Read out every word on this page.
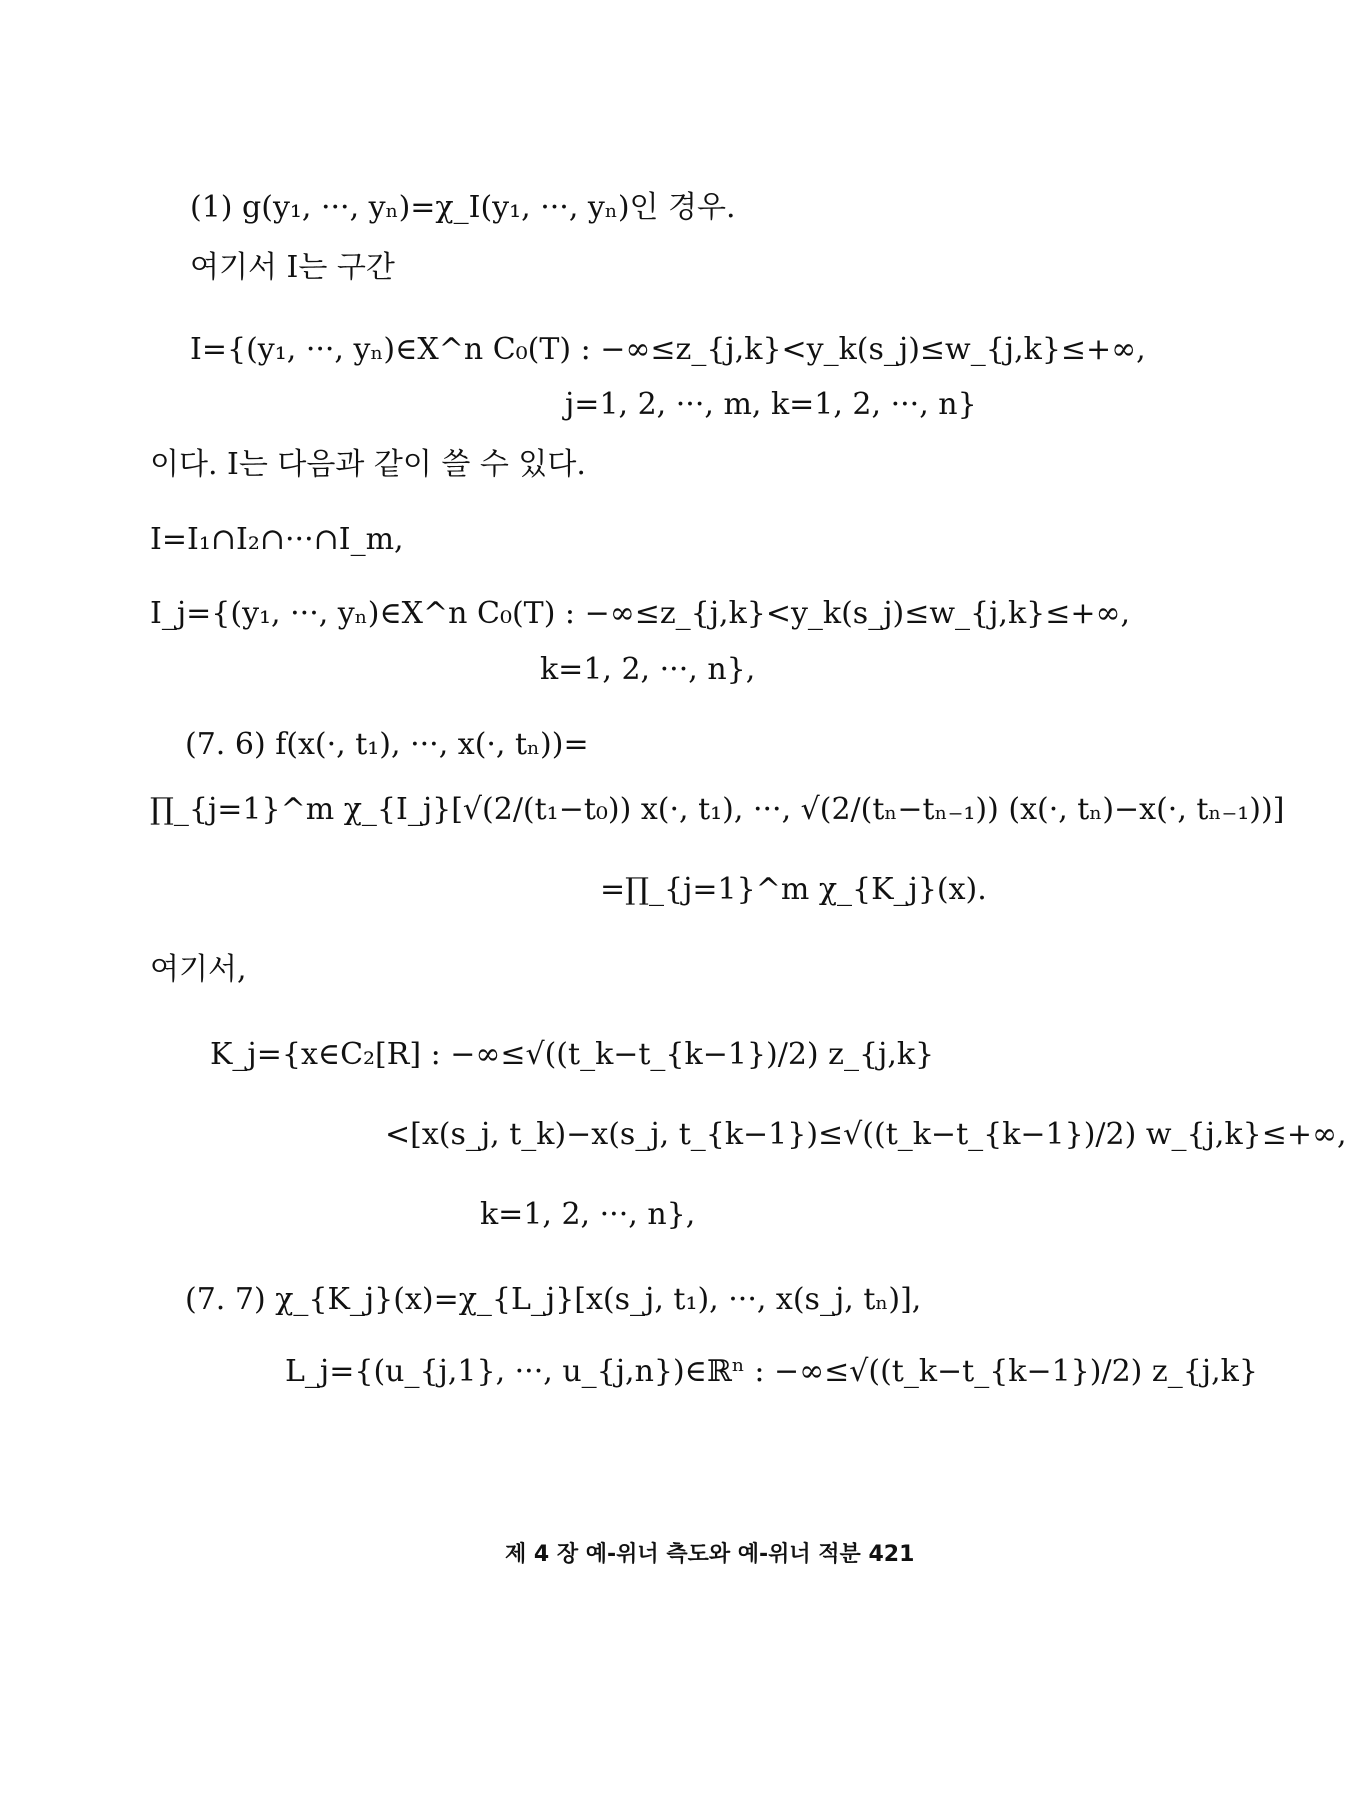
(1) g(y₁, ···, yₙ)=χ_I(y₁, ···, yₙ)인 경우.
여기서 I는 구간
I={(y₁, ···, yₙ)∈X^n C₀(T) : −∞≤z_{j,k}<y_k(s_j)≤w_{j,k}≤+∞,
j=1, 2, ···, m, k=1, 2, ···, n}
이다. I는 다음과 같이 쓸 수 있다.
I=I₁∩I₂∩···∩I_m,
I_j={(y₁, ···, yₙ)∈X^n C₀(T) : −∞≤z_{j,k}<y_k(s_j)≤w_{j,k}≤+∞,
k=1, 2, ···, n},
(7. 6) f(x(·, t₁), ···, x(·, tₙ))=
∏_{j=1}^m χ_{I_j}[√(2/(t₁−t₀)) x(·, t₁), ···, √(2/(tₙ−tₙ₋₁)) (x(·, tₙ)−x(·, tₙ₋₁))]
=∏_{j=1}^m χ_{K_j}(x).
여기서,
K_j={x∈C₂[R] : −∞≤√((t_k−t_{k−1})/2) z_{j,k}
<[x(s_j, t_k)−x(s_j, t_{k−1})≤√((t_k−t_{k−1})/2) w_{j,k}≤+∞,
k=1, 2, ···, n},
(7. 7) χ_{K_j}(x)=χ_{L_j}[x(s_j, t₁), ···, x(s_j, tₙ)],
L_j={(u_{j,1}, ···, u_{j,n})∈ℝⁿ : −∞≤√((t_k−t_{k−1})/2) z_{j,k}
제 4 장 예-위너 측도와 예-위너 적분 421
